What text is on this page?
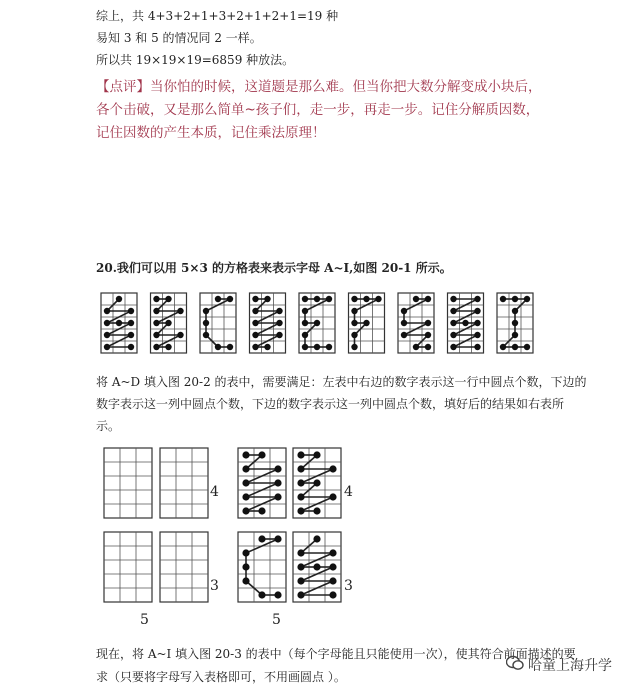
综上，共 4+3+2+1+3+2+1+2+1=19 种
易知 3 和 5 的情况同 2 一样。
所以共 19×19×19=6859 种放法。
【点评】当你怕的时候，这道题是那么难。但当你把大数分解变成小块后，
各个击破，又是那么简单~孩子们，走一步，再走一步。记住分解质因数，
记住因数的产生本质，记住乘法原理！
20.我们可以用 5×3 的方格表来表示字母 A~I,如图 20-1 所示。
将 A~D 填入图 20-2 的表中，需要满足：左表中右边的数字表示这一行中圆点个数，下边的
数字表示这一列中圆点个数，下边的数字表示这一列中圆点个数，填好后的结果如右表所
示。
4
3
5
4
3
5
现在，将 A~I 填入图 20-3 的表中（每个字母能且只能使用一次），使其符合前面描述的要
求（只要将字母写入表格即可，不用画圆点 ）。
哈童上海升学
